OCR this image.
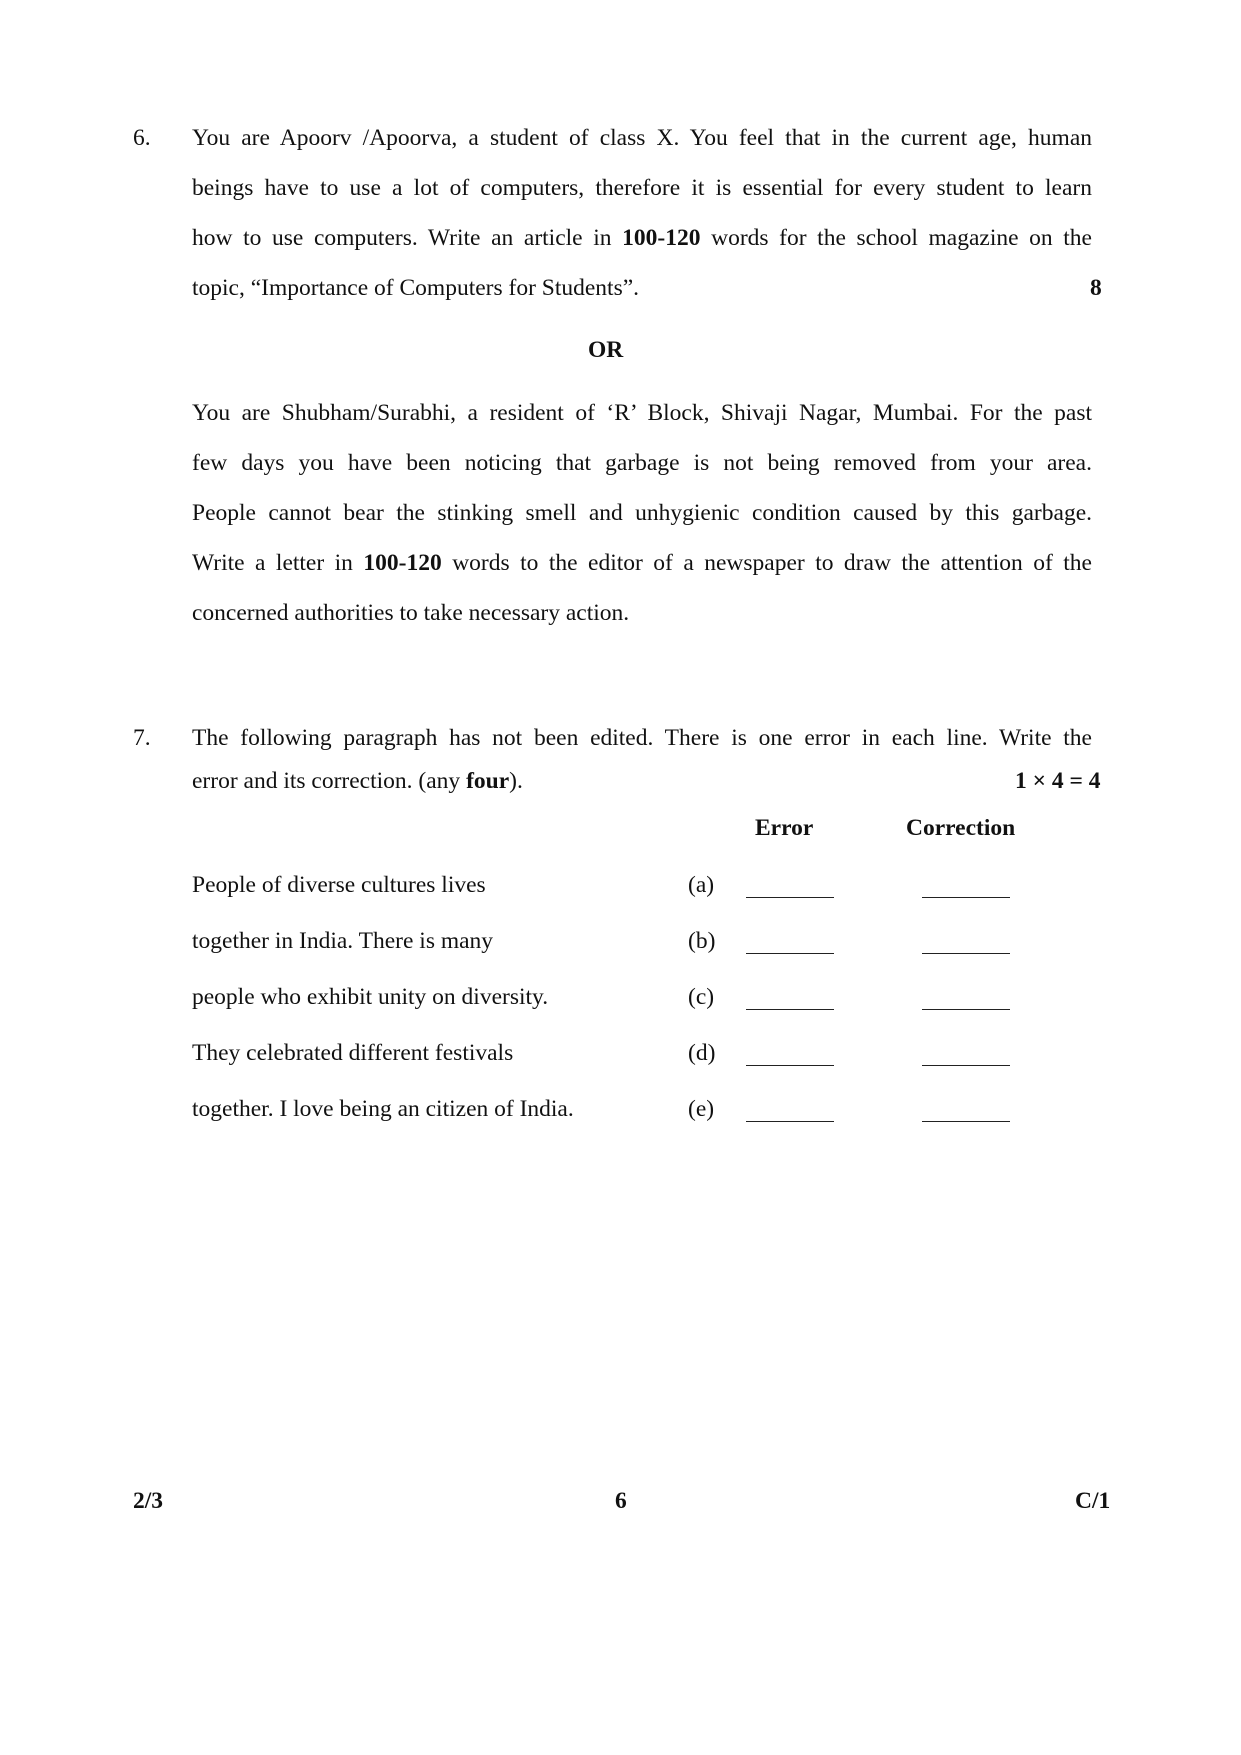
6. You are Apoorv /Apoorva, a student of class X. You feel that in the current age, human
beings have to use a lot of computers, therefore it is essential for every student to learn
how to use computers. Write an article in 100-120 words for the school magazine on the
topic, “Importance of Computers for Students”.	8
OR
You are Shubham/Surabhi, a resident of ‘R’ Block, Shivaji Nagar, Mumbai. For the past
few days you have been noticing that garbage is not being removed from your area.
People cannot bear the stinking smell and unhygienic condition caused by this garbage.
Write a letter in 100-120 words to the editor of a newspaper to draw the attention of the
concerned authorities to take necessary action.
7. The following paragraph has not been edited. There is one error in each line. Write the
error and its correction. (any four).	1 × 4 = 4
Error	Correction
People of diverse cultures lives	(a)
together in India. There is many	(b)
people who exhibit unity on diversity.	(c)
They celebrated different festivals	(d)
together. I love being an citizen of India.	(e)
2/3	6	C/1
